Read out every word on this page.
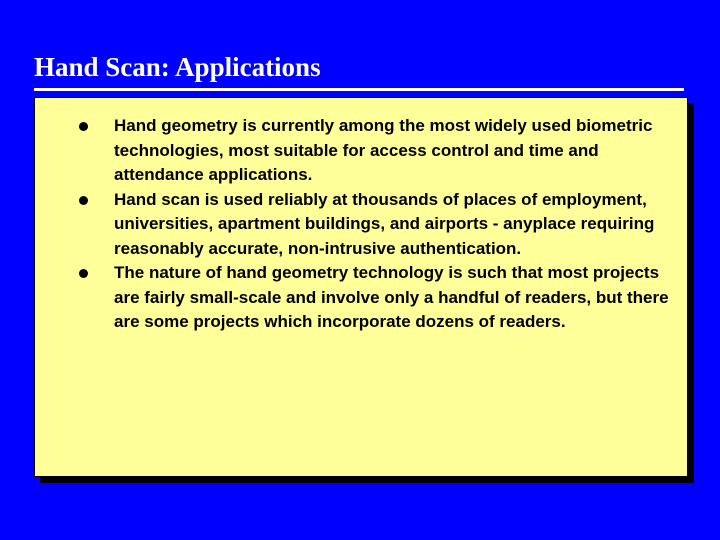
Hand Scan: Applications
Hand geometry is currently among the most widely used biometric technologies, most suitable for access control and time and attendance applications.
Hand scan is used reliably at thousands of places of employment, universities, apartment buildings, and airports - anyplace requiring reasonably accurate, non-intrusive authentication.
The nature of hand geometry technology is such that most projects are fairly small-scale and involve only a handful of readers, but there are some projects which incorporate dozens of readers.
